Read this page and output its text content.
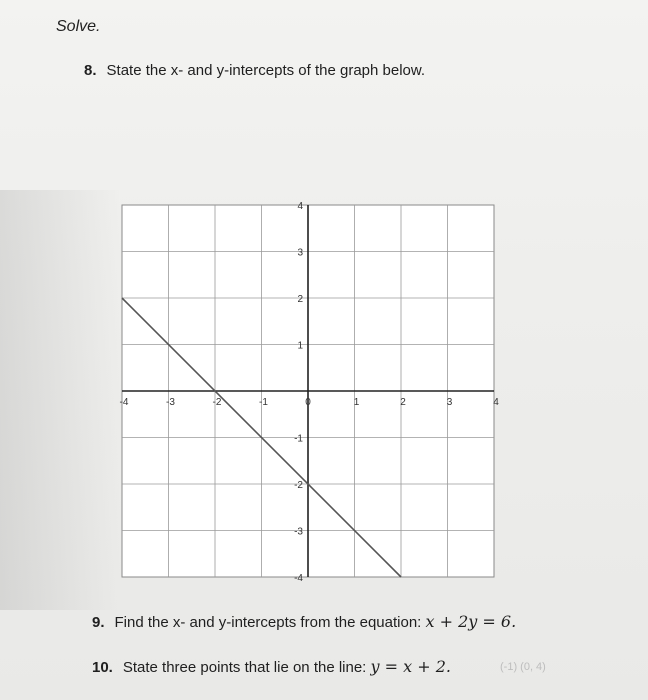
Solve.
8. State the x- and y-intercepts of the graph below.
-4	-3	-2	-1	0	1	2	3	4
4
3
2
1
-1
-2
-3
-4
9. Find the x- and y-intercepts from the equation: x + 2y = 6.
10. State three points that lie on the line: y = x + 2.	(-1) (0, 4)
